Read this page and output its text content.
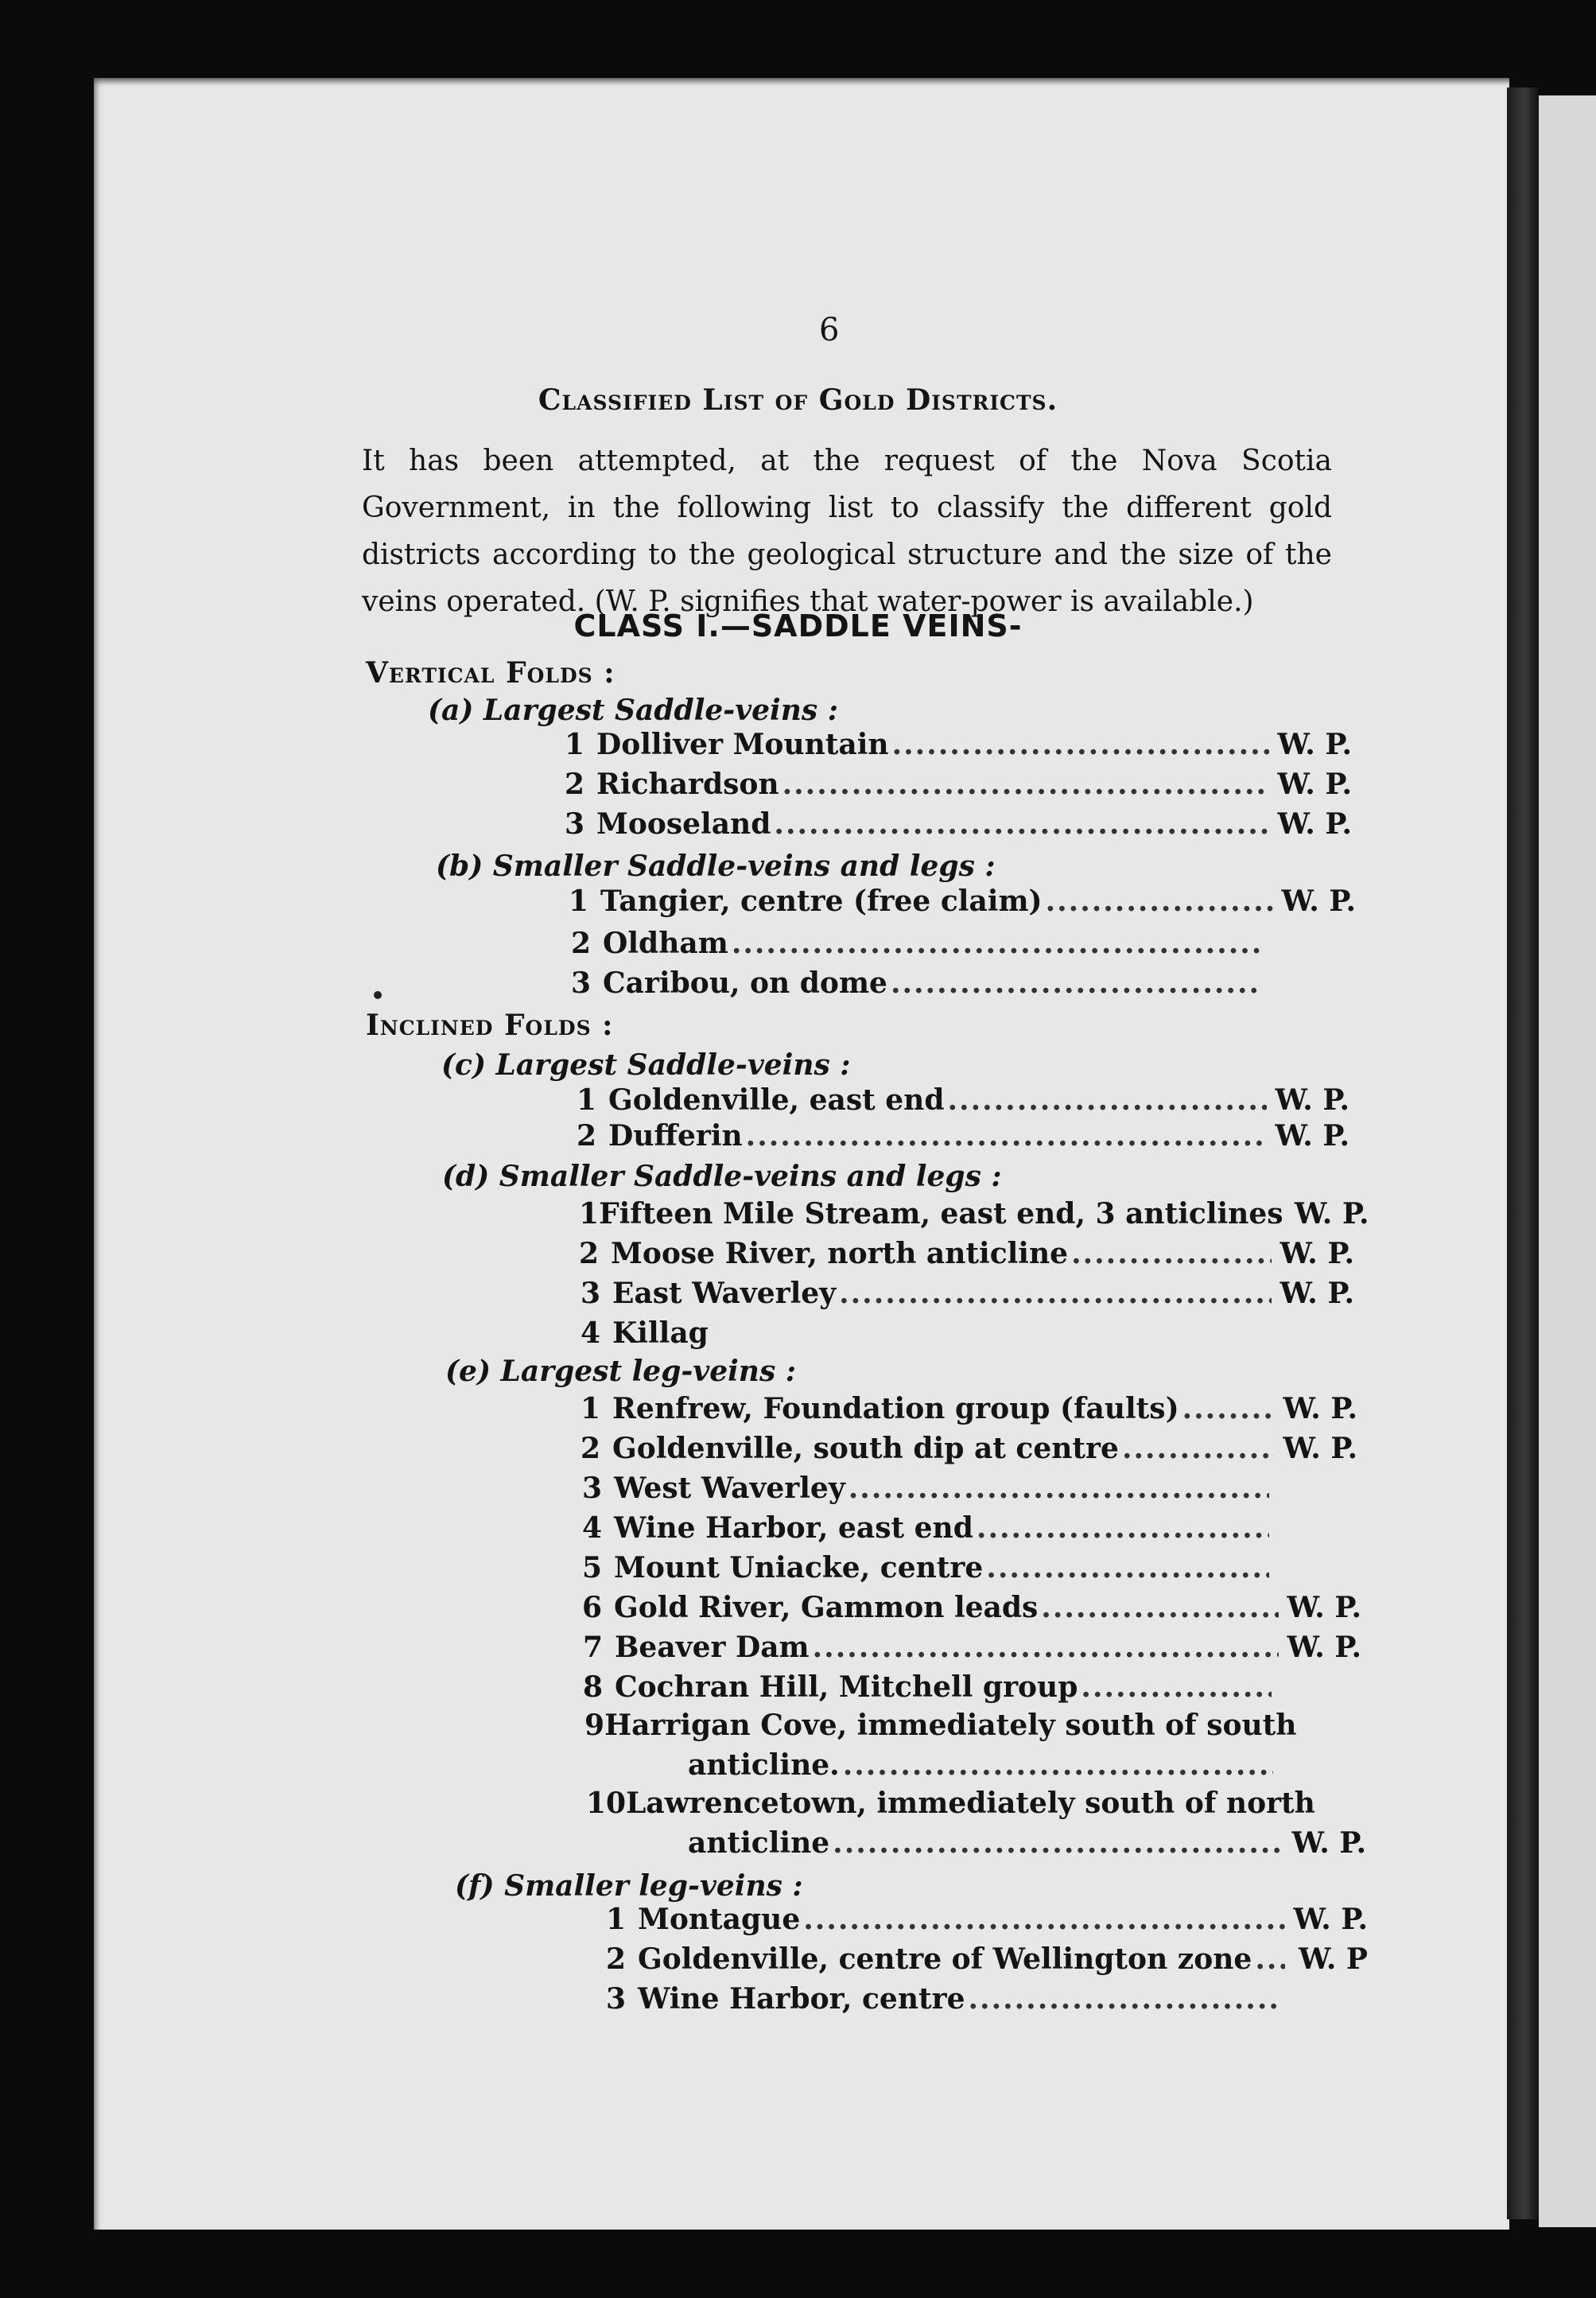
6
Classified List of Gold Districts.
It has been attempted, at the request of the Nova Scotia Government, in the following list to classify the different gold districts according to the geological structure and the size of the veins operated. (W. P. signifies that water-power is available.)
CLASS I.—SADDLE VEINS-
Vertical Folds :
(a) Largest Saddle-veins :
1 Dolliver Mountain .....	W. P.
2 Richardson .....	W. P.
3 Mooseland .....	W. P.
(b) Smaller Saddle-veins and legs :
1 Tangier, centre (free claim) .....	W. P.
2 Oldham
.....
3 Caribou, on dome
.....
Inclined Folds :
(c) Largest Saddle-veins :
1 Goldenville, east end .....	W. P.
2 Dufferin .....	W. P.
(d) Smaller Saddle-veins and legs :
1 Fifteen Mile Stream, east end, 3 anticlines W. P.
2 Moose River, north anticline .....	W. P.
3 East Waverley .....	W. P.
4 Killag
(e) Largest leg-veins :
1 Renfrew, Foundation group (faults) .....	W. P.
2 Goldenville, south dip at centre .....	W. P.
3 West Waverley
.....
4 Wine Harbor, east end
.....
5 Mount Uniacke, centre
.....
6 Gold River, Gammon leads .....	W. P.
7 Beaver Dam .....	W. P.
8 Cochran Hill, Mitchell group
.....
9 Harrigan Cove, immediately south of south
anticline.
.....
10 Lawrencetown, immediately south of north
anticline .....	W. P.
(f) Smaller leg-veins :
1 Montague .....	W. P.
2 Goldenville, centre of Wellington zone .....	W. P
3 Wine Harbor, centre
.....
